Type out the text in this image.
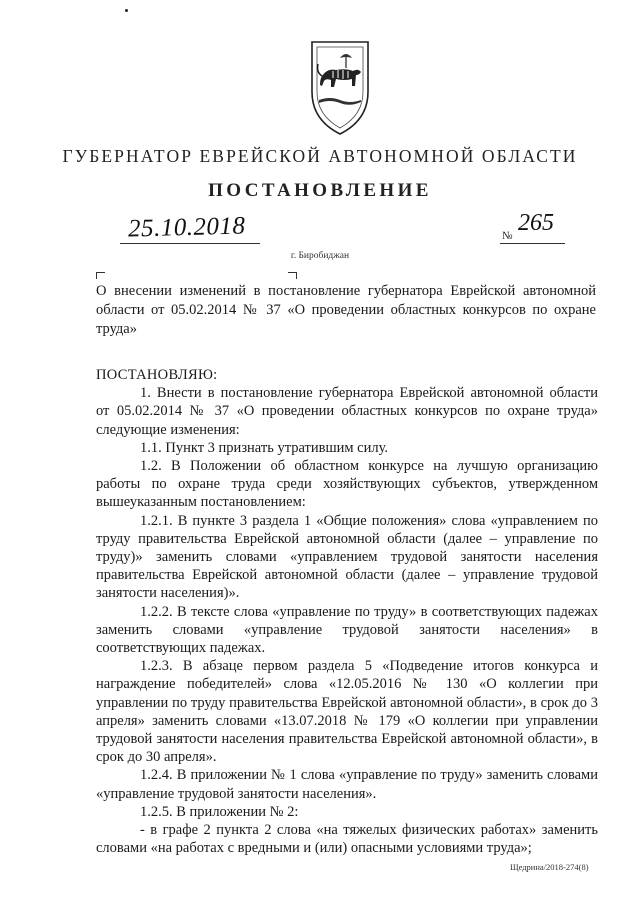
ГУБЕРНАТОР ЕВРЕЙСКОЙ АВТОНОМНОЙ ОБЛАСТИ
ПОСТАНОВЛЕНИЕ
25.10.2018	№ 265
г. Биробиджан
О внесении изменений в постановление губернатора Еврейской автономной области от 05.02.2014 № 37 «О проведении областных конкурсов по охране труда»

ПОСТАНОВЛЯЮ:

1. Внести в постановление губернатора Еврейской автономной области от 05.02.2014 № 37 «О проведении областных конкурсов по охране труда» следующие изменения:

1.1. Пункт 3 признать утратившим силу.

1.2. В Положении об областном конкурсе на лучшую организацию работы по охране труда среди хозяйствующих субъектов, утвержденном вышеуказанным постановлением:

1.2.1. В пункте 3 раздела 1 «Общие положения» слова «управлением по труду правительства Еврейской автономной области (далее – управление по труду)» заменить словами «управлением трудовой занятости населения правительства Еврейской автономной области (далее – управление трудовой занятости населения)».

1.2.2. В тексте слова «управление по труду» в соответствующих падежах заменить словами «управление трудовой занятости населения» в соответствующих падежах.

1.2.3. В абзаце первом раздела 5 «Подведение итогов конкурса и награждение победителей» слова «12.05.2016 № 130 «О коллегии при управлении по труду правительства Еврейской автономной области», в срок до 3 апреля» заменить словами «13.07.2018 № 179 «О коллегии при управлении трудовой занятости населения правительства Еврейской автономной области», в срок до 30 апреля».

1.2.4. В приложении № 1 слова «управление по труду» заменить словами «управление трудовой занятости населения».

1.2.5. В приложении № 2:

- в графе 2 пункта 2 слова «на тяжелых физических работах» заменить словами «на работах с вредными и (или) опасными условиями труда»;

Щедрина/2018-274(8)
